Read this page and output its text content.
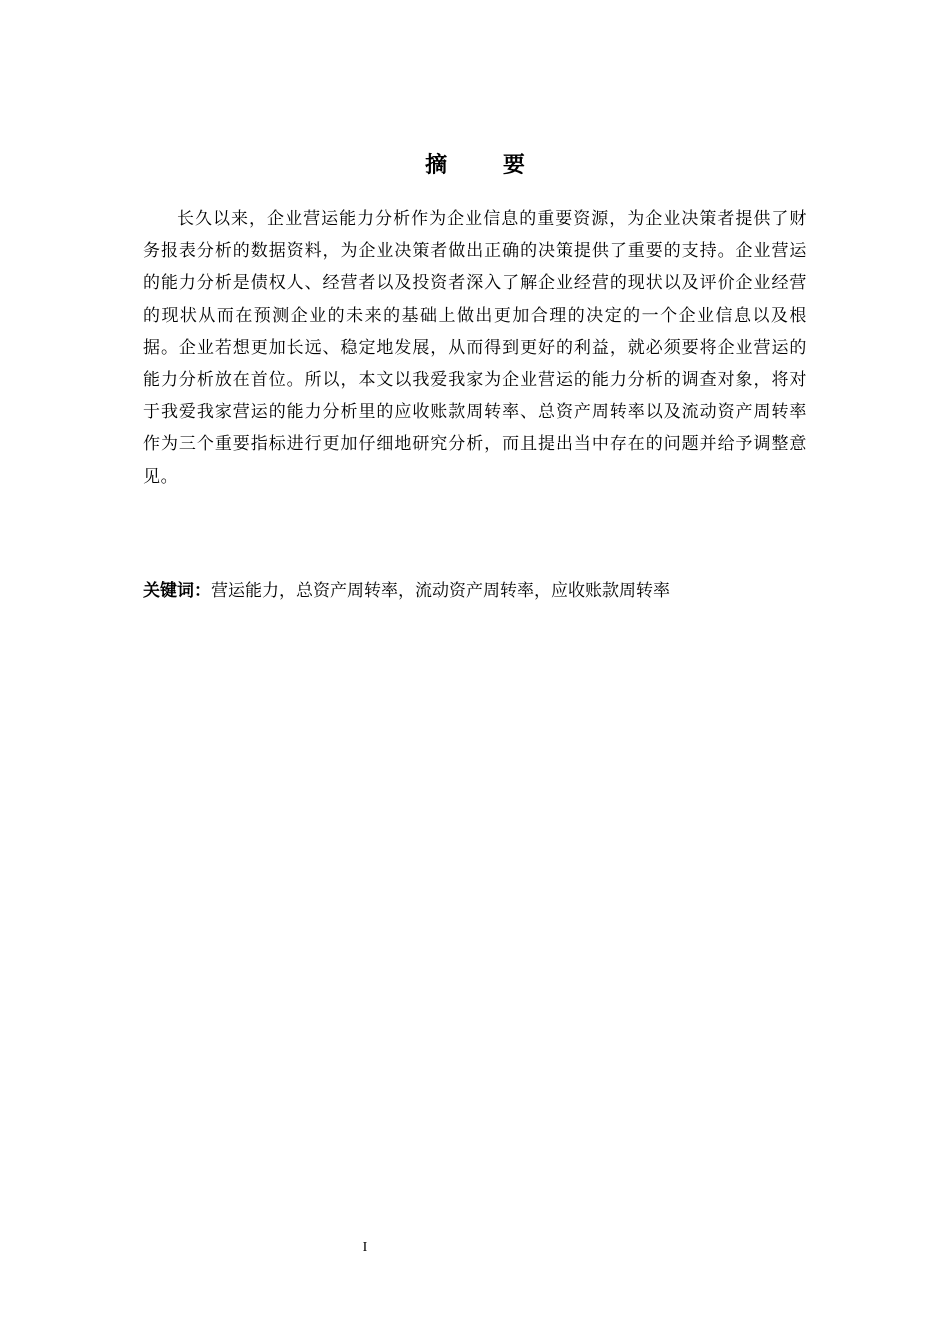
摘 要

长久以来，企业营运能力分析作为企业信息的重要资源，为企业决策者提供了财务报表分析的数据资料，为企业决策者做出正确的决策提供了重要的支持。企业营运的能力分析是债权人、经营者以及投资者深入了解企业经营的现状以及评价企业经营的现状从而在预测企业的未来的基础上做出更加合理的决定的一个企业信息以及根据。企业若想更加长远、稳定地发展，从而得到更好的利益，就必须要将企业营运的能力分析放在首位。所以，本文以我爱我家为企业营运的能力分析的调查对象，将对于我爱我家营运的能力分析里的应收账款周转率、总资产周转率以及流动资产周转率作为三个重要指标进行更加仔细地研究分析，而且提出当中存在的问题并给予调整意见。

关键词：营运能力，总资产周转率，流动资产周转率，应收账款周转率

I
